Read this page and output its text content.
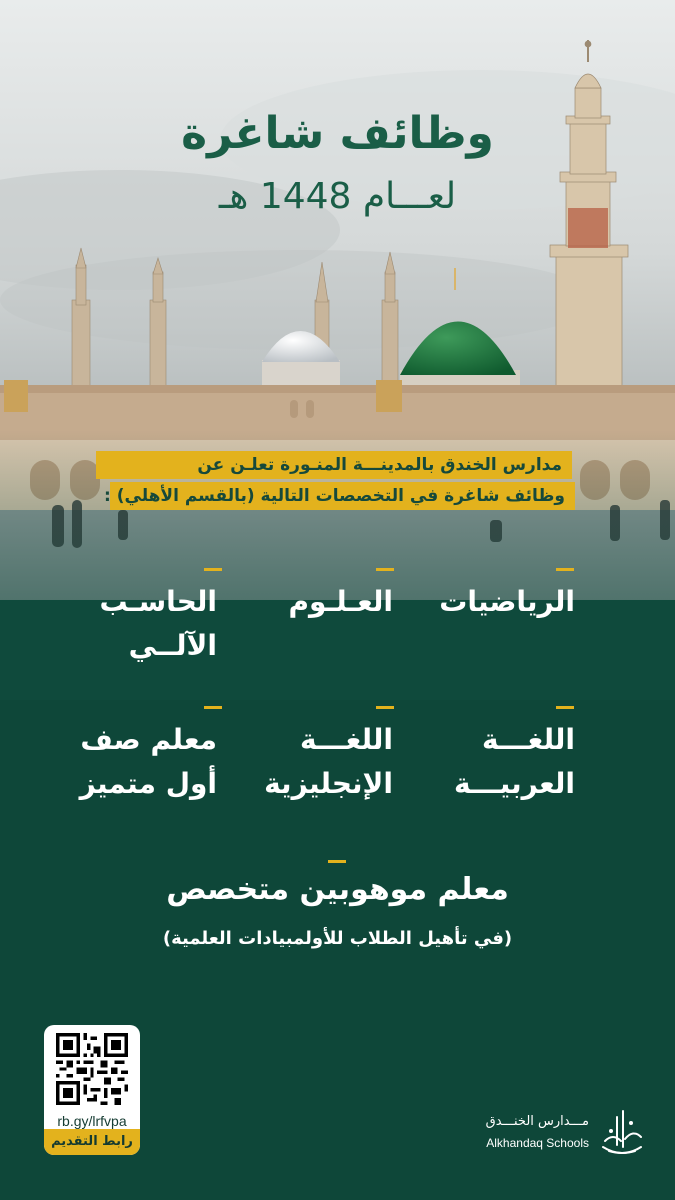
وظائف شاغرة
لعـــام 1448 هـ
مدارس الخندق بالمدينـــة المنـورة تعلـن عن
وظائف شاغرة في التخصصات التالية (بالقسم الأهلي) :
الرياضيات
العـلـوم
الحاسـب
الآلــي
اللغـــة
العربيـــة
اللغـــة
الإنجليزية
معلم صف
أول متميز
معلم موهوبين متخصص
(في تأهيل الطلاب للأولمبيادات العلمية)
rb.gy/lrfvpa
رابط التقديم
مـــدارس الخنـــدق
Alkhandaq Schools
